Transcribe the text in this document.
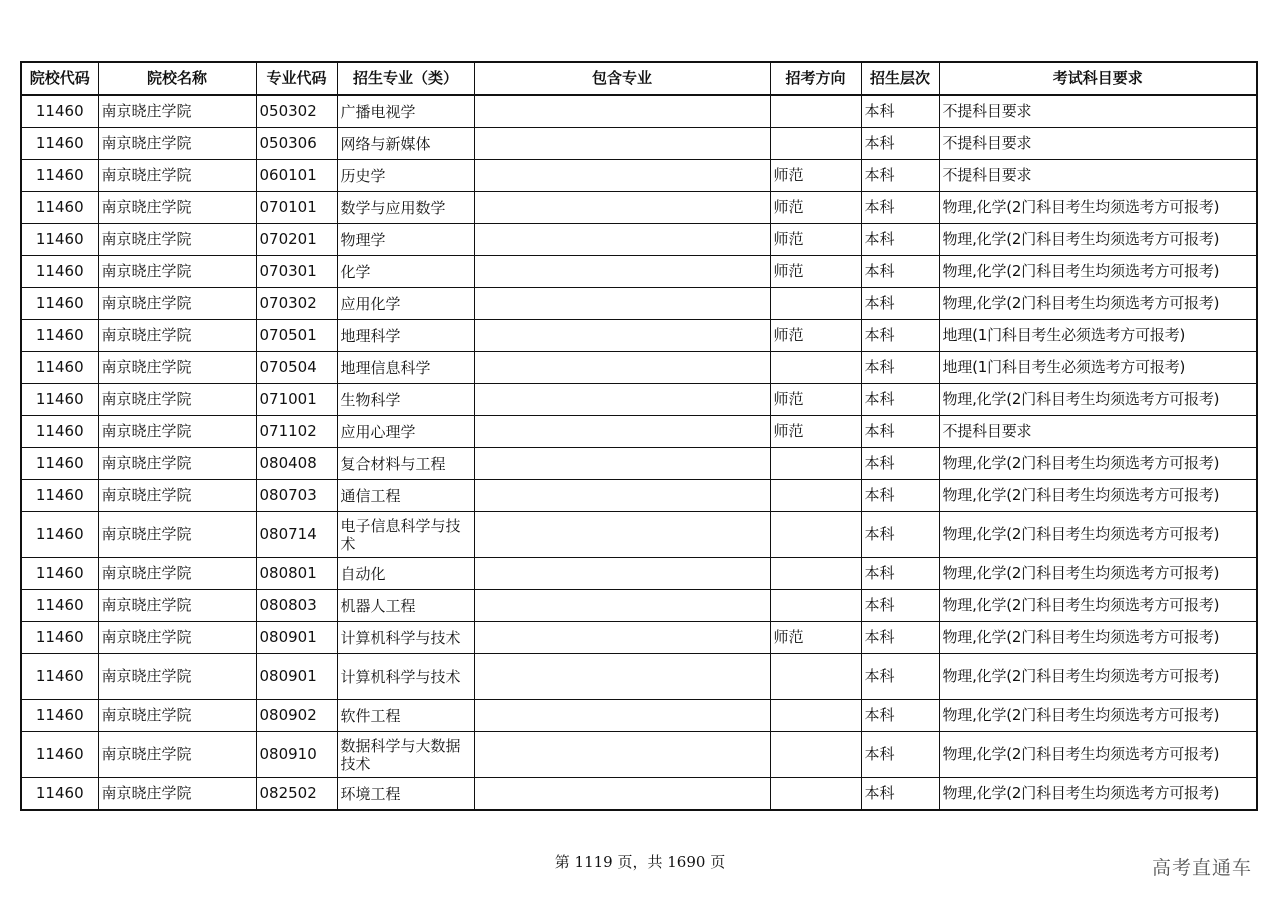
院校代码	院校名称	专业代码	招生专业（类）	包含专业	招考方向	招生层次	考试科目要求
11460	南京晓庄学院	050302	广播电视学			本科	不提科目要求
11460	南京晓庄学院	050306	网络与新媒体			本科	不提科目要求
11460	南京晓庄学院	060101	历史学		师范	本科	不提科目要求
11460	南京晓庄学院	070101	数学与应用数学		师范	本科	物理,化学(2门科目考生均须选考方可报考)
11460	南京晓庄学院	070201	物理学		师范	本科	物理,化学(2门科目考生均须选考方可报考)
11460	南京晓庄学院	070301	化学		师范	本科	物理,化学(2门科目考生均须选考方可报考)
11460	南京晓庄学院	070302	应用化学			本科	物理,化学(2门科目考生均须选考方可报考)
11460	南京晓庄学院	070501	地理科学		师范	本科	地理(1门科目考生必须选考方可报考)
11460	南京晓庄学院	070504	地理信息科学			本科	地理(1门科目考生必须选考方可报考)
11460	南京晓庄学院	071001	生物科学		师范	本科	物理,化学(2门科目考生均须选考方可报考)
11460	南京晓庄学院	071102	应用心理学		师范	本科	不提科目要求
11460	南京晓庄学院	080408	复合材料与工程			本科	物理,化学(2门科目考生均须选考方可报考)
11460	南京晓庄学院	080703	通信工程			本科	物理,化学(2门科目考生均须选考方可报考)
11460	南京晓庄学院	080714	电子信息科学与技术			本科	物理,化学(2门科目考生均须选考方可报考)
11460	南京晓庄学院	080801	自动化			本科	物理,化学(2门科目考生均须选考方可报考)
11460	南京晓庄学院	080803	机器人工程			本科	物理,化学(2门科目考生均须选考方可报考)
11460	南京晓庄学院	080901	计算机科学与技术		师范	本科	物理,化学(2门科目考生均须选考方可报考)
11460	南京晓庄学院	080901	计算机科学与技术			本科	物理,化学(2门科目考生均须选考方可报考)
11460	南京晓庄学院	080902	软件工程			本科	物理,化学(2门科目考生均须选考方可报考)
11460	南京晓庄学院	080910	数据科学与大数据技术			本科	物理,化学(2门科目考生均须选考方可报考)
11460	南京晓庄学院	082502	环境工程			本科	物理,化学(2门科目考生均须选考方可报考)
第 1119 页，共 1690 页	高考直通车
